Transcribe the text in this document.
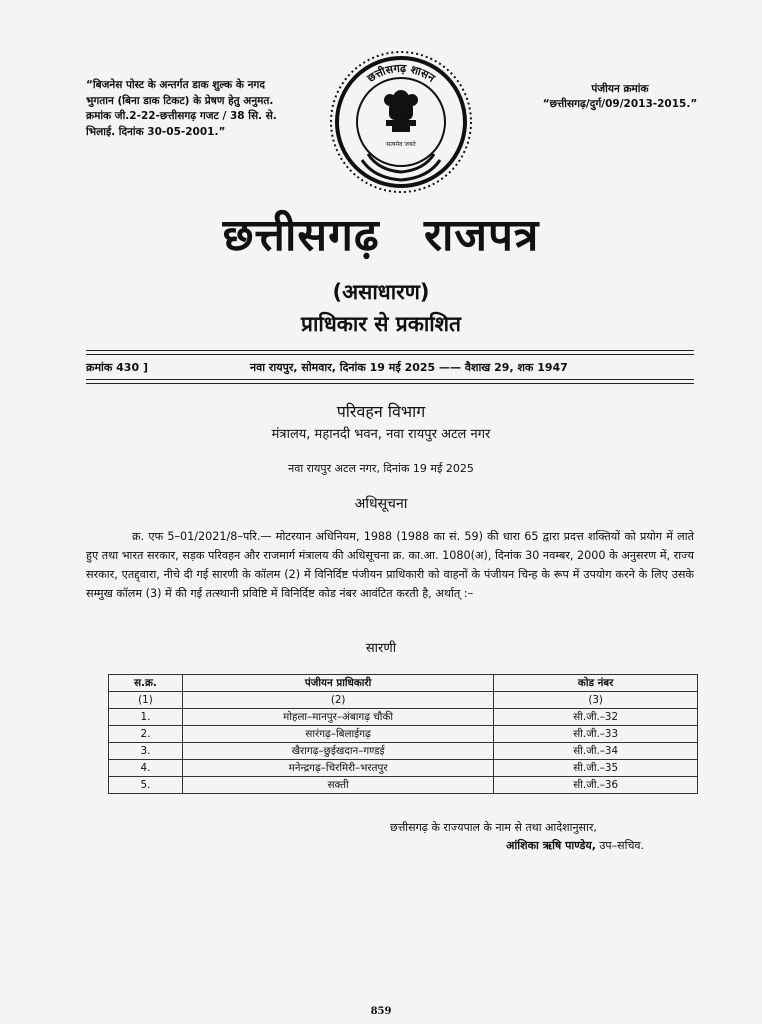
“बिजनेस पोस्ट के अन्तर्गत डाक शुल्क के नगद भुगतान (बिना डाक टिकट) के प्रेषण हेतु अनुमत. क्रमांक जी.2-22-छत्तीसगढ़ गजट / 38 सि. से. भिलाई. दिनांक 30-05-2001.”
पंजीयन क्रमांक
“छत्तीसगढ़/दुर्ग/09/2013-2015.”
छत्तीसगढ़ शासन
सत्यमेव जयते
छत्तीसगढ़ राजपत्र
(असाधारण)
प्राधिकार से प्रकाशित
क्रमांक 430 ]	नवा रायपुर, सोमवार, दिनांक 19 मई 2025 —— वैशाख 29, शक 1947
परिवहन विभाग
मंत्रालय, महानदी भवन, नवा रायपुर अटल नगर
नवा रायपुर अटल नगर, दिनांक 19 मई 2025
अधिसूचना
क्र. एफ 5–01/2021/8–परि.— मोटरयान अधिनियम, 1988 (1988 का सं. 59) की धारा 65 द्वारा प्रदत्त शक्तियों को प्रयोग में लाते हुए तथा भारत सरकार, सड़क परिवहन और राजमार्ग मंत्रालय की अधिसूचना क्र. का.आ. 1080(अ), दिनांक 30 नवम्बर, 2000 के अनुसरण में, राज्य सरकार, एतद्द्वारा, नीचे दी गई सारणी के कॉलम (2) में विनिर्दिष्ट पंजीयन प्राधिकारी को वाहनों के पंजीयन चिन्ह के रूप में उपयोग करने के लिए उसके सम्मुख कॉलम (3) में की गई तत्स्थानी प्रविष्टि में विनिर्दिष्ट कोड नंबर आवंटित करती है, अर्थात् :–
सारणी
स.क्र.	पंजीयन प्राधिकारी	कोड नंबर
(1)	(2)	(3)
1.	मोहला–मानपुर–अंबागढ़ चौकी	सी.जी.–32
2.	सारंगढ़–बिलाईगढ़	सी.जी.–33
3.	खैरागढ़–छुईखदान–गण्डई	सी.जी.–34
4.	मनेन्द्रगढ़–चिरमिरी–भरतपुर	सी.जी.–35
5.	सक्ती	सी.जी.–36
छत्तीसगढ़ के राज्यपाल के नाम से तथा आदेशानुसार,
आंशिका ऋषि पाण्डेय, उप–सचिव.
859
